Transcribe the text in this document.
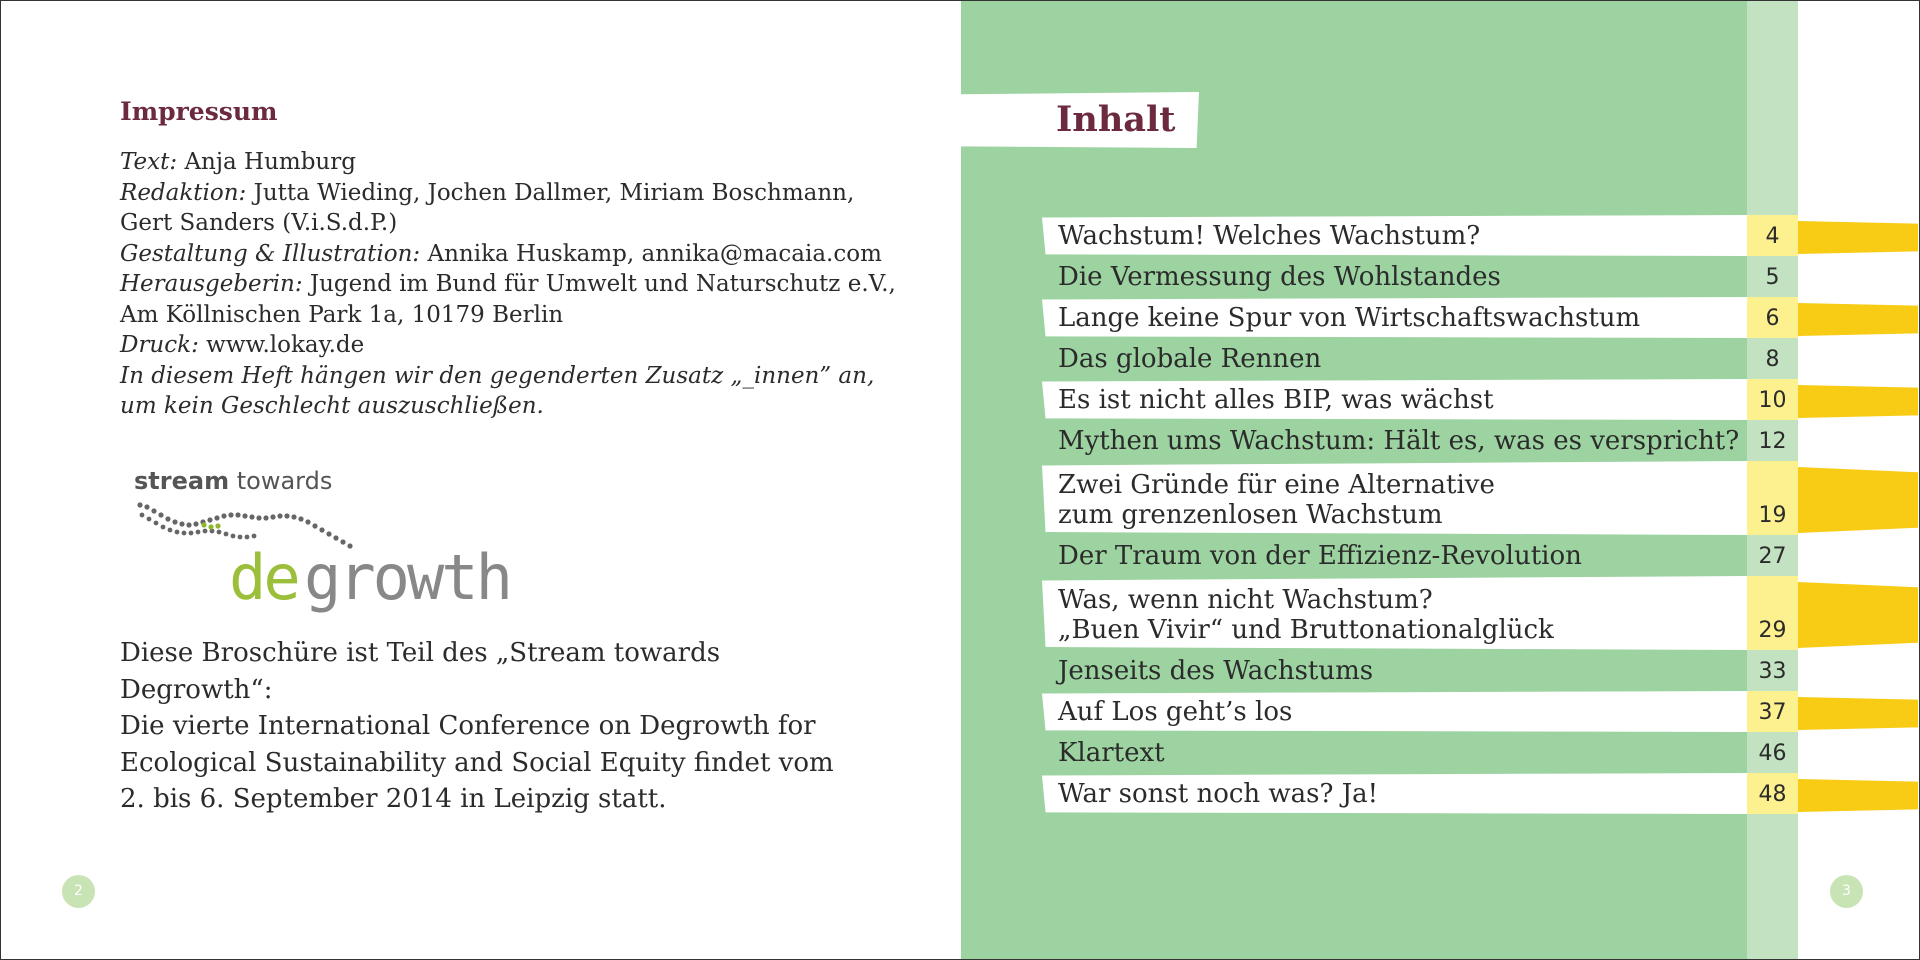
Impressum
Text: Anja Humburg
Redaktion: Jutta Wieding, Jochen Dallmer, Miriam Boschmann,
Gert Sanders (V.i.S.d.P.)
Gestaltung & Illustration: Annika Huskamp, annika@macaia.com
Herausgeberin: Jugend im Bund für Umwelt und Naturschutz e.V.,
Am Köllnischen Park 1a, 10179 Berlin
Druck: www.lokay.de
In diesem Heft hängen wir den gegenderten Zusatz „_innen” an,
um kein Geschlecht auszuschließen.
stream towards
de growth
Diese Broschüre ist Teil des „Stream towards Degrowth“:
Die vierte International Conference on Degrowth for
Ecological Sustainability and Social Equity findet vom
2. bis 6. September 2014 in Leipzig statt.
2
Inhalt
Wachstum! Welches Wachstum?	4
Die Vermessung des Wohlstandes	5
Lange keine Spur von Wirtschaftswachstum	6
Das globale Rennen	8
Es ist nicht alles BIP, was wächst	10
Mythen ums Wachstum: Hält es, was es verspricht? 12
Zwei Gründe für eine Alternative
zum grenzenlosen Wachstum	19
Der Traum von der Effizienz-Revolution	27
Was, wenn nicht Wachstum?
„Buen Vivir“ und Bruttonationalglück	29
Jenseits des Wachstums	33
Auf Los geht’s los	37
Klartext	46
War sonst noch was? Ja!	48
3
